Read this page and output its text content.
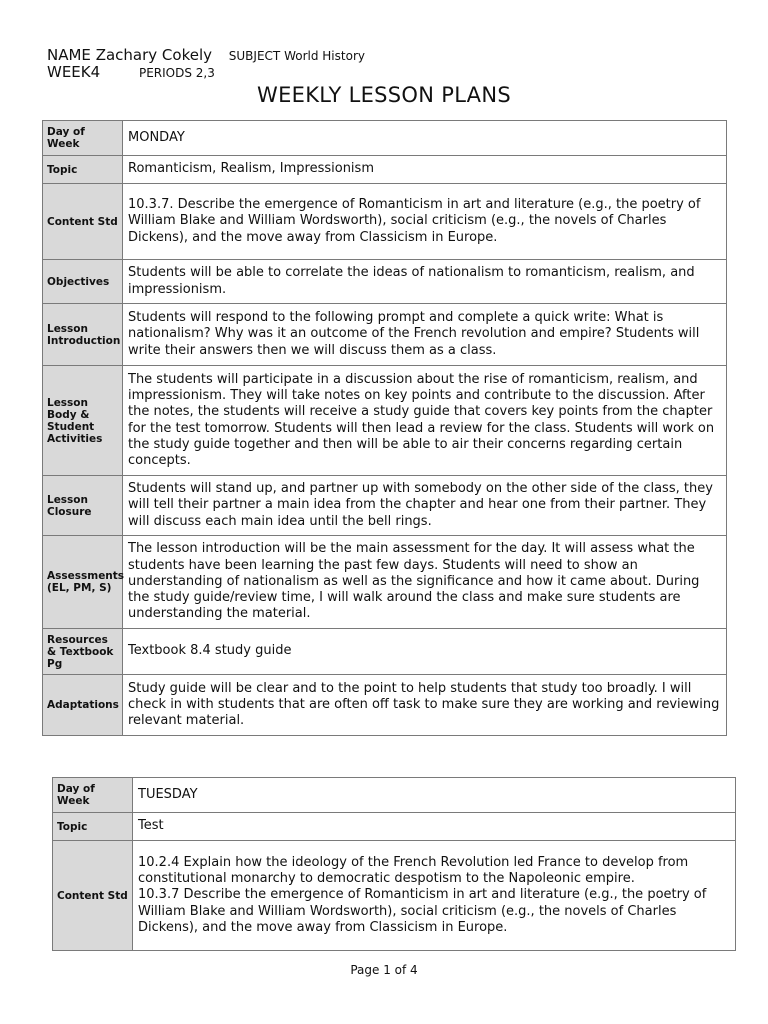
NAME Zachary Cokely SUBJECT World History
WEEK4	PERIODS 2,3
WEEKLY LESSON PLANS
Day of Week	MONDAY
Topic	Romanticism, Realism, Impressionism
Content Std	10.3.7. Describe the emergence of Romanticism in art and literature (e.g., the poetry of
William Blake and William Wordsworth), social criticism (e.g., the novels of Charles Dickens), and the move away from Classicism in Europe.
Objectives	Students will be able to correlate the ideas of nationalism to romanticism, realism, and impressionism.
Lesson Introduction	Students will respond to the following prompt and complete a quick write: What is nationalism? Why was it an outcome of the French revolution and empire? Students will write their answers then we will discuss them as a class.
Lesson Body & Student Activities	The students will participate in a discussion about the rise of romanticism, realism, and impressionism. They will take notes on key points and contribute to the discussion. After the notes, the students will receive a study guide that covers key points from the chapter for the test tomorrow. Students will then lead a review for the class. Students will work on the study guide together and then will be able to air their concerns regarding certain concepts.
Lesson Closure	Students will stand up, and partner up with somebody on the other side of the class, they will tell their partner a main idea from the chapter and hear one from their partner. They will discuss each main idea until the bell rings.
Assessments (EL, PM, S)	The lesson introduction will be the main assessment for the day. It will assess what the students have been learning the past few days. Students will need to show an understanding of nationalism as well as the significance and how it came about. During the study guide/review time, I will walk around the class and make sure students are understanding the material.
Resources & Textbook Pg	Textbook 8.4 study guide
Adaptations	Study guide will be clear and to the point to help students that study too broadly. I will check in with students that are often off task to make sure they are working and reviewing relevant material.
Day of Week	TUESDAY
Topic	Test
Content Std	10.2.4 Explain how the ideology of the French Revolution led France to develop from constitutional monarchy to democratic despotism to the Napoleonic empire.
10.3.7 Describe the emergence of Romanticism in art and literature (e.g., the poetry of
William Blake and William Wordsworth), social criticism (e.g., the novels of Charles Dickens), and the move away from Classicism in Europe.
Page 1 of 4
